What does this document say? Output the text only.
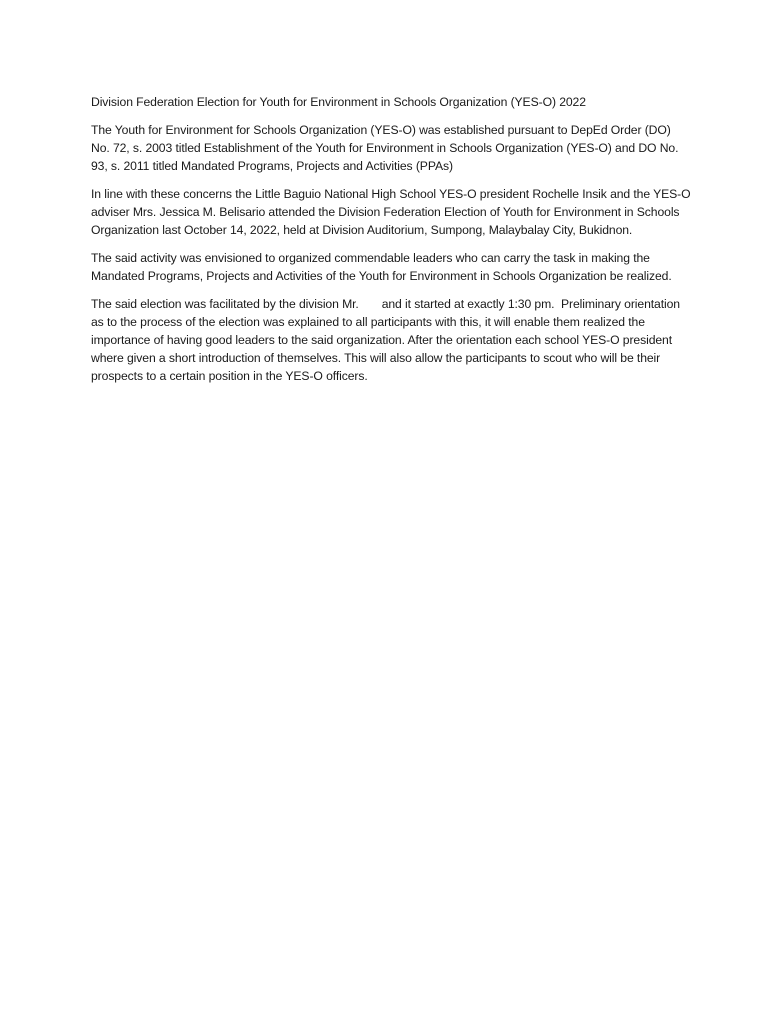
Division Federation Election for Youth for Environment in Schools Organization (YES-O) 2022

The Youth for Environment for Schools Organization (YES-O) was established pursuant to DepEd Order (DO) No. 72, s. 2003 titled Establishment of the Youth for Environment in Schools Organization (YES-O) and DO No. 93, s. 2011 titled Mandated Programs, Projects and Activities (PPAs)

In line with these concerns the Little Baguio National High School YES-O president Rochelle Insik and the YES-O adviser Mrs. Jessica M. Belisario attended the Division Federation Election of Youth for Environment in Schools Organization last October 14, 2022, held at Division Auditorium, Sumpong, Malaybalay City, Bukidnon.

The said activity was envisioned to organized commendable leaders who can carry the task in making the Mandated Programs, Projects and Activities of the Youth for Environment in Schools Organization be realized.

The said election was facilitated by the division Mr.       and it started at exactly 1:30 pm.  Preliminary orientation as to the process of the election was explained to all participants with this, it will enable them realized the importance of having good leaders to the said organization. After the orientation each school YES-O president where given a short introduction of themselves. This will also allow the participants to scout who will be their prospects to a certain position in the YES-O officers.
